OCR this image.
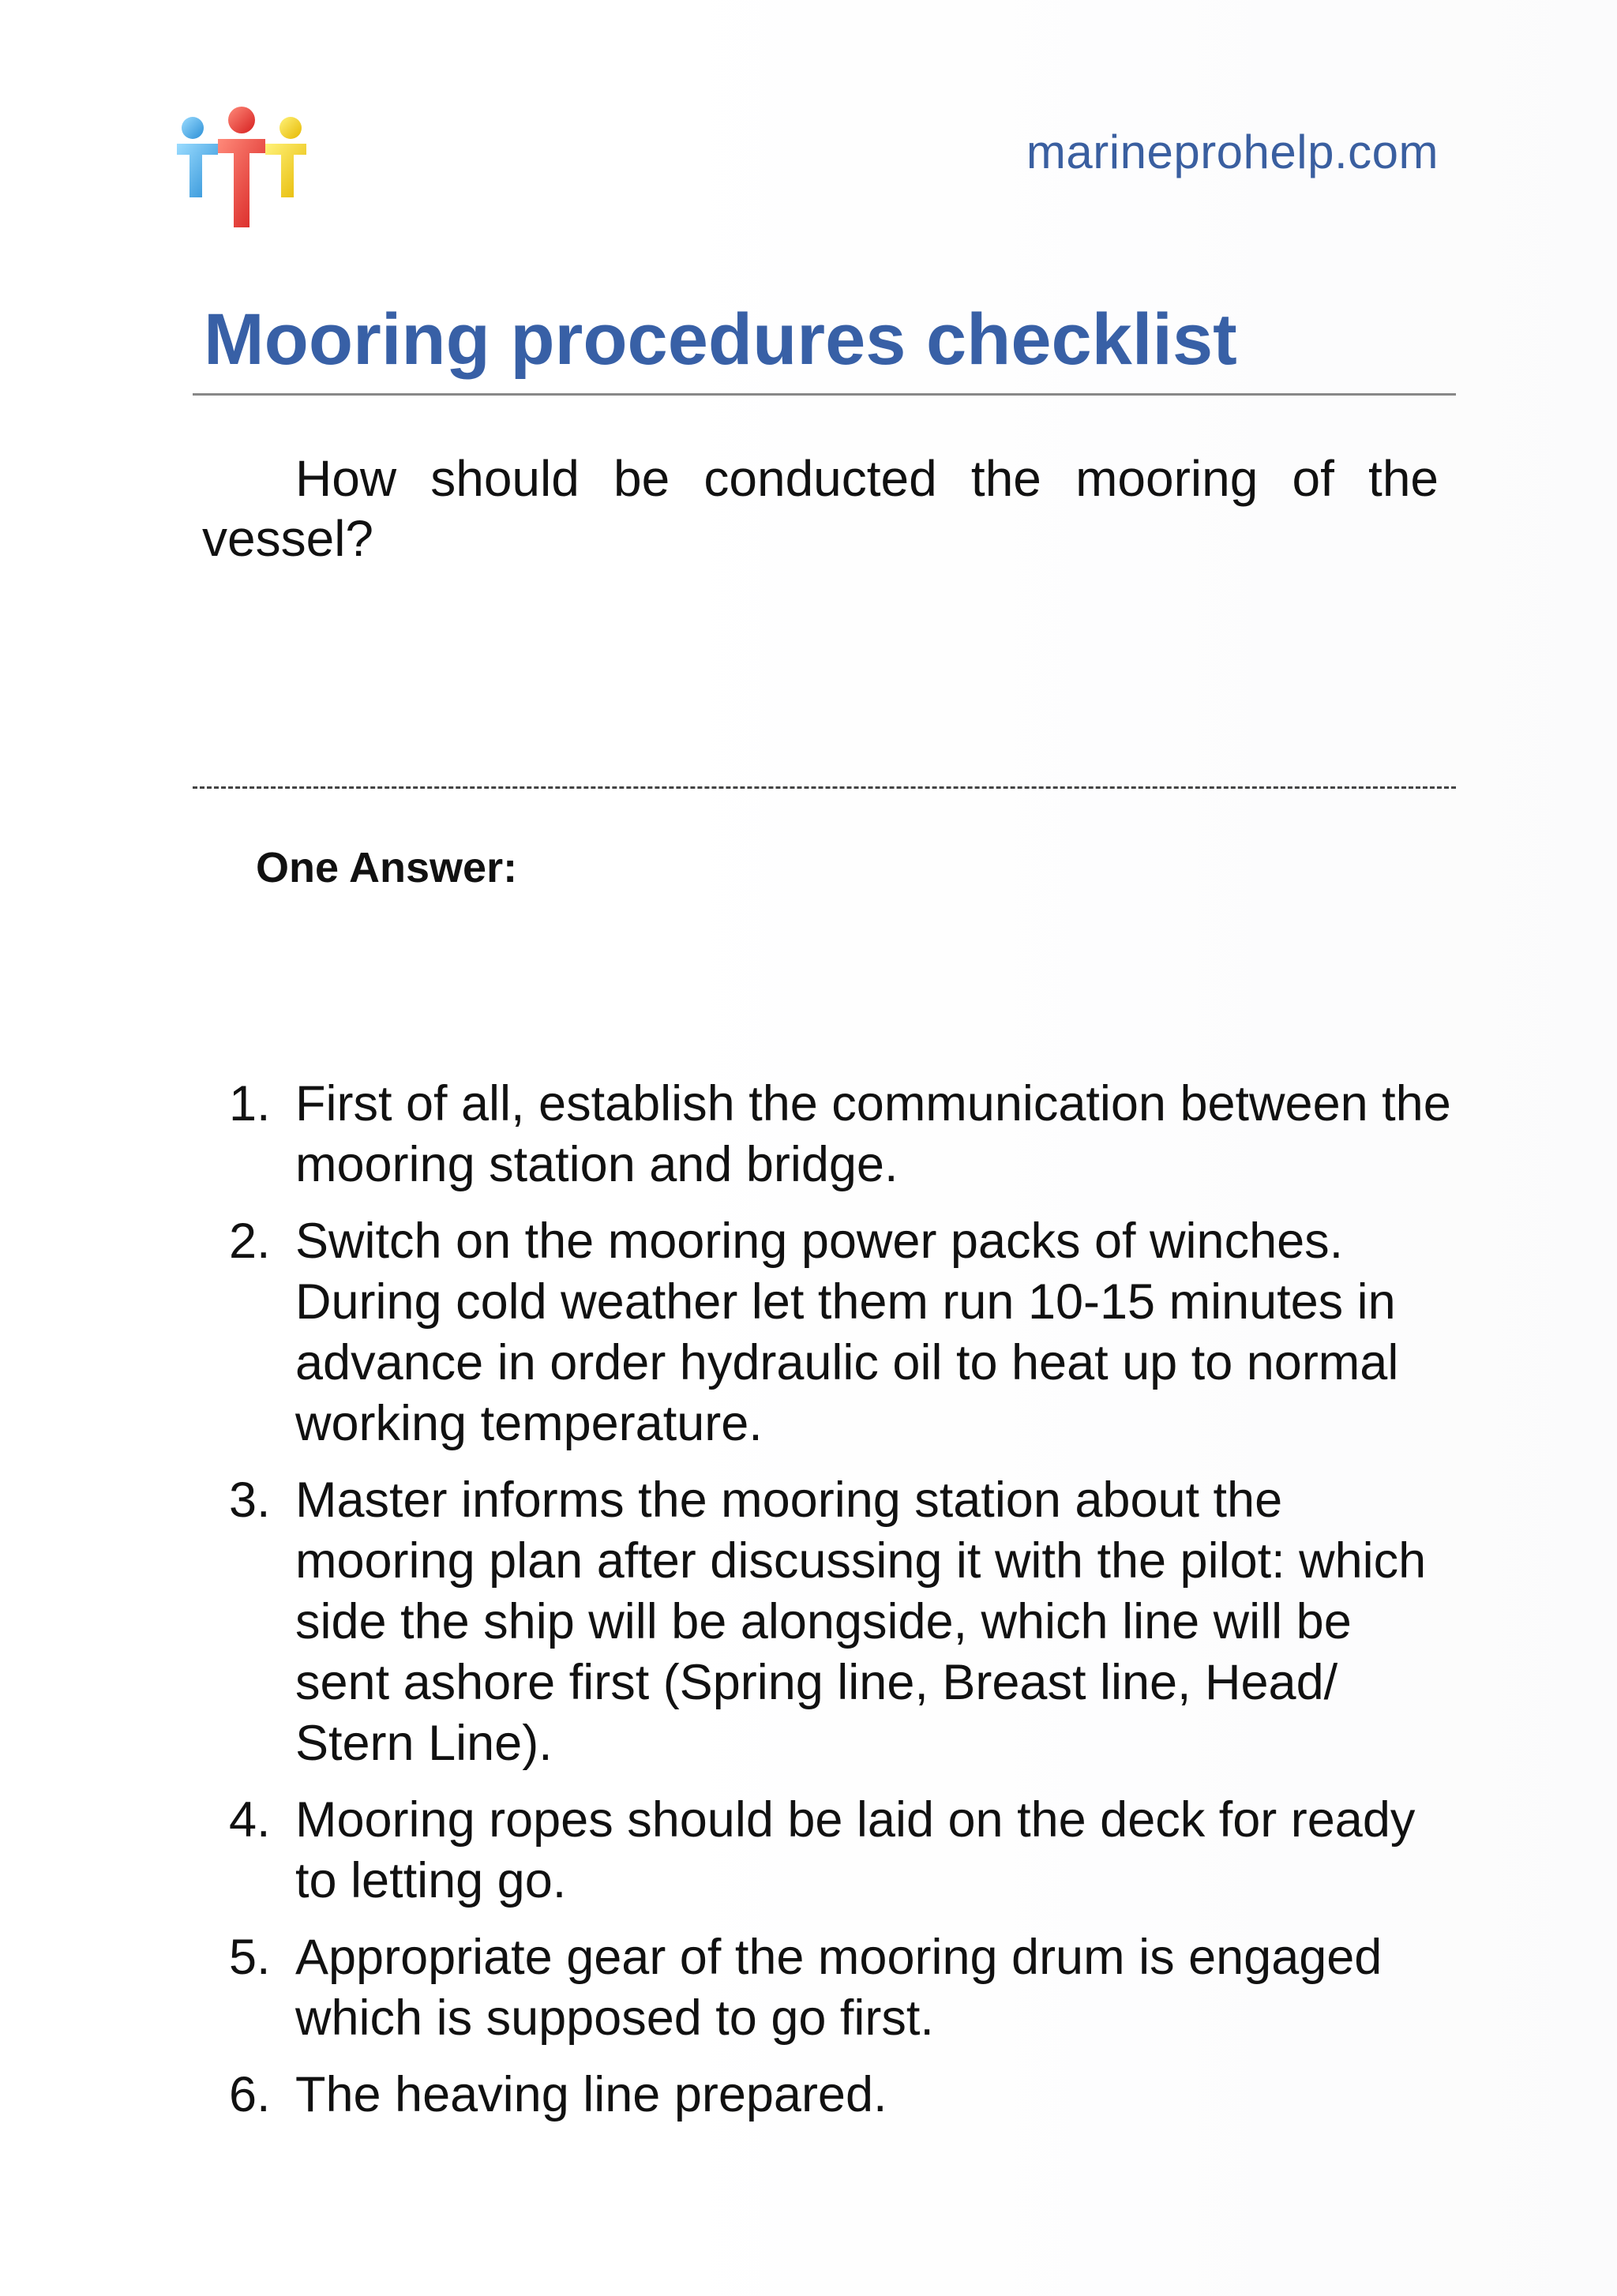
marineprohelp.com
Mooring procedures checklist

How should be conducted the mooring of the vessel?

One Answer:
1. First of all, establish the communication between the mooring station and bridge.
2. Switch on the mooring power packs of winches. During cold weather let them run 10-15 minutes in advance in order hydraulic oil to heat up to normal working temperature.
3. Master informs the mooring station about the mooring plan after discussing it with the pilot: which side the ship will be alongside, which line will be sent ashore first (Spring line, Breast line, Head/ Stern Line).
4. Mooring ropes should be laid on the deck for ready to letting go.
5. Appropriate gear of the mooring drum is engaged which is supposed to go first.
6. The heaving line prepared.
